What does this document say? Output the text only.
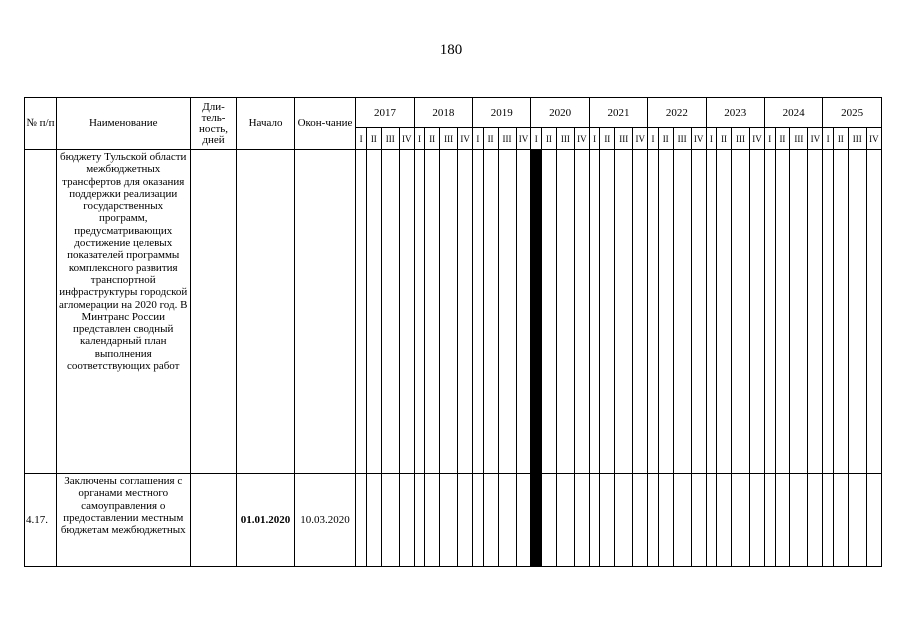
180
№ п/п	Наименование	Дли-тель-ность, дней	Начало	Окон-чание	2017				2018				2019				2020				2021				2022				2023				2024				2025			
					I	II	III	IV	I	II	III	IV	I	II	III	IV	I	II	III	IV	I	II	III	IV	I	II	III	IV	I	II	III	IV	I	II	III	IV	I	II	III	IV
	бюджету Тульской области межбюджетных трансфертов для оказания поддержки реализации государственных программ, предусматривающих достижение целевых показателей программы комплексного развития транспортной инфраструктуры городской агломерации на 2020 год. В Минтранс России представлен сводный календарный план выполнения соответствующих работ																																							
4.17.	Заключены соглашения с органами местного самоуправления о предоставлении местным бюджетам межбюджетных		01.01.2020	10.03.2020																																				
